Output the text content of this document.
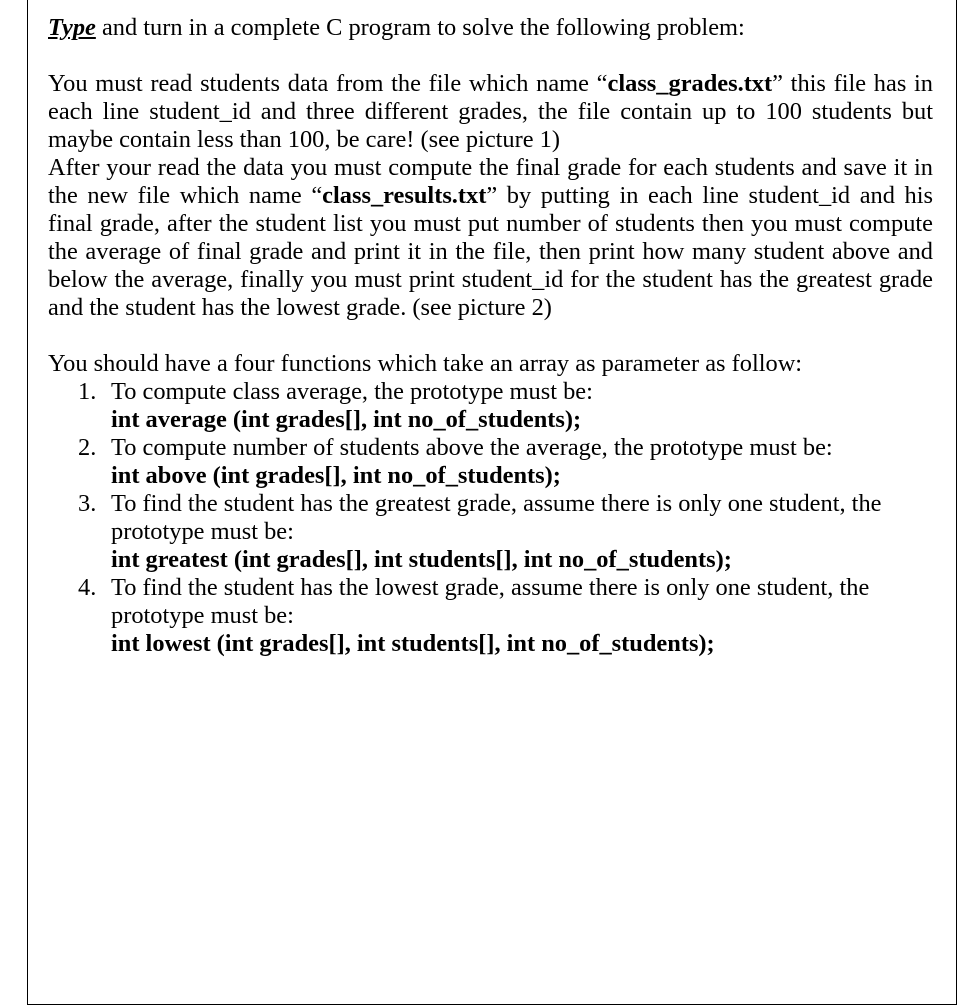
Type and turn in a complete C program to solve the following problem:

You must read students data from the file which name “class_grades.txt” this file has in each line student_id and three different grades, the file contain up to 100 students but maybe contain less than 100, be care! (see picture 1)

After your read the data you must compute the final grade for each students and save it in the new file which name “class_results.txt” by putting in each line student_id and his final grade, after the student list you must put number of students then you must compute the average of final grade and print it in the file, then print how many student above and below the average, finally you must print student_id for the student has the greatest grade and the student has the lowest grade. (see picture 2)

You should have a four functions which take an array as parameter as follow:

1. To compute class average, the prototype must be:
int average (int grades[], int no_of_students);
2. To compute number of students above the average, the prototype must be:
int above (int grades[], int no_of_students);
3. To find the student has the greatest grade, assume there is only one student, the prototype must be:
int greatest (int grades[], int students[], int no_of_students);
4. To find the student has the lowest grade, assume there is only one student, the prototype must be:
int lowest (int grades[], int students[], int no_of_students);
